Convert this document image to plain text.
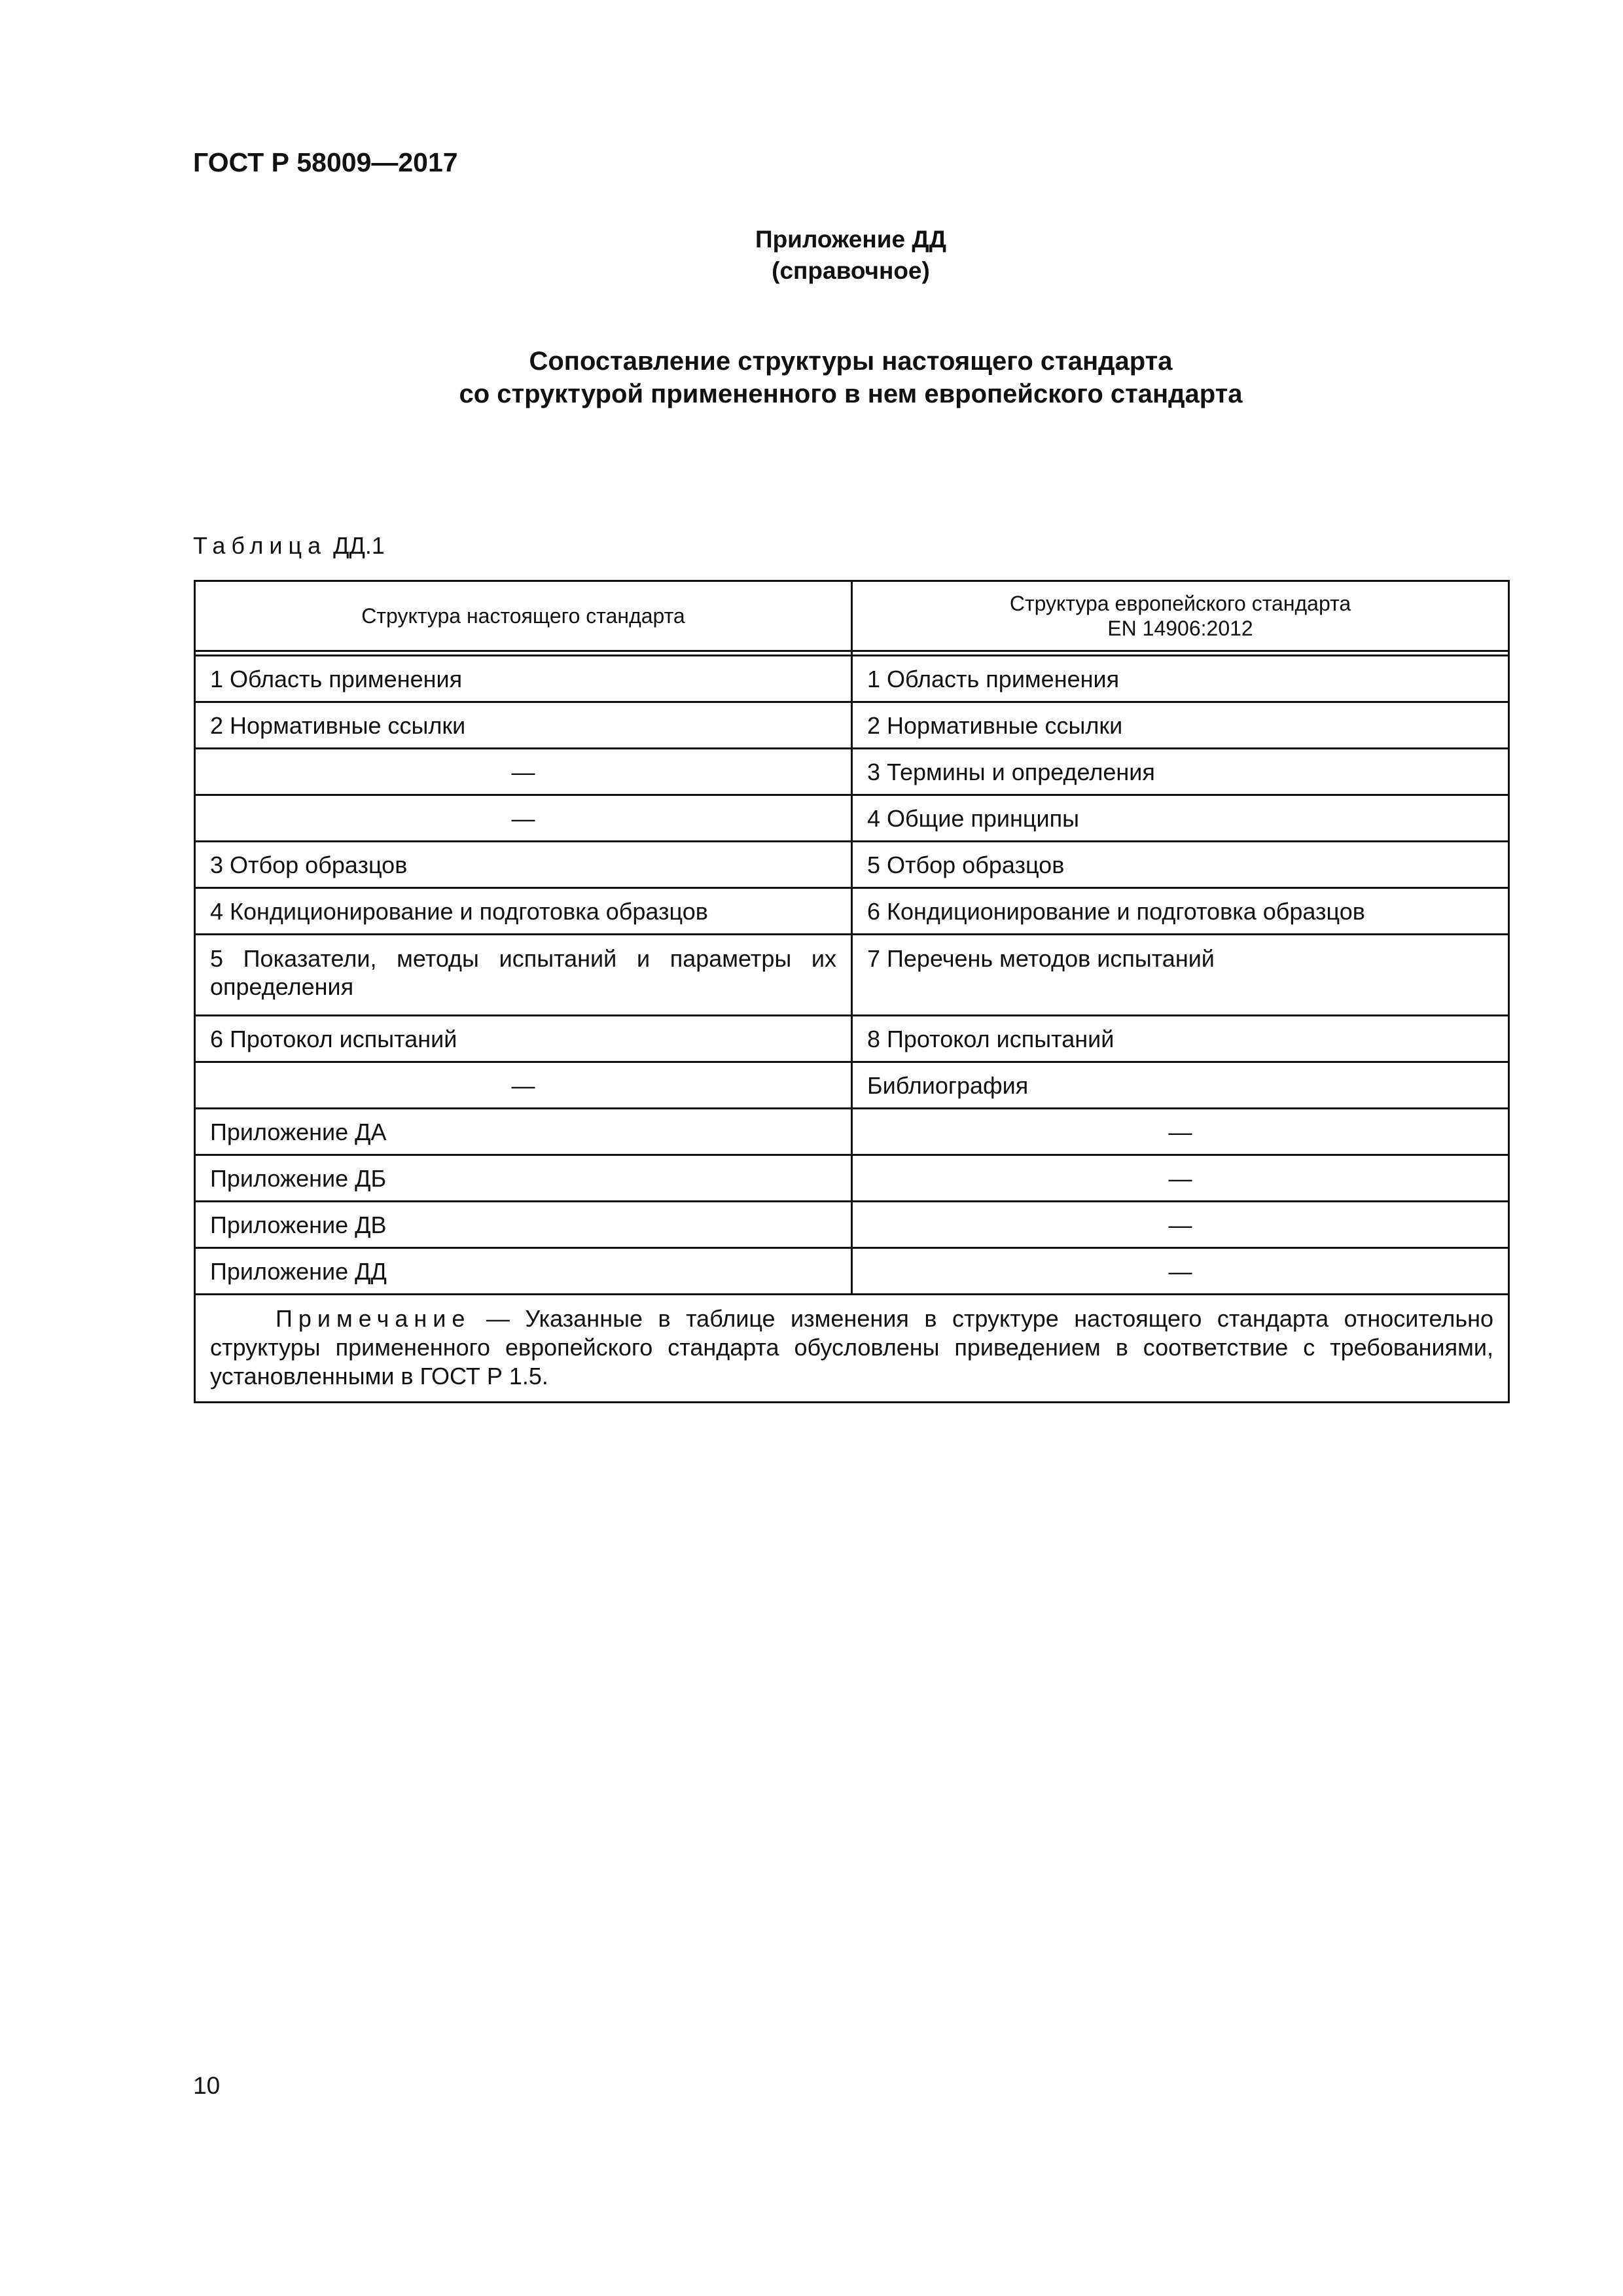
ГОСТ Р 58009—2017
Приложение ДД
(справочное)
Сопоставление структуры настоящего стандарта
со структурой примененного в нем европейского стандарта
Таблица ДД.1
Структура настоящего стандарта	Структура европейского стандарта
EN 14906:2012

1 Область применения	1 Область применения
2 Нормативные ссылки	2 Нормативные ссылки
—	3 Термины и определения
—	4 Общие принципы
3 Отбор образцов	5 Отбор образцов
4 Кондиционирование и подготовка образцов	6 Кондиционирование и подготовка образцов
5 Показатели, методы испытаний и параметры их определения	7 Перечень методов испытаний
6 Протокол испытаний	8 Протокол испытаний
—	Библиография
Приложение ДА	—
Приложение ДБ	—
Приложение ДВ	—
Приложение ДД	—
Примечание — Указанные в таблице изменения в структуре настоящего стандарта относительно структуры примененного европейского стандарта обусловлены приведением в соответствие с требованиями, установленными в ГОСТ Р 1.5.	
10
